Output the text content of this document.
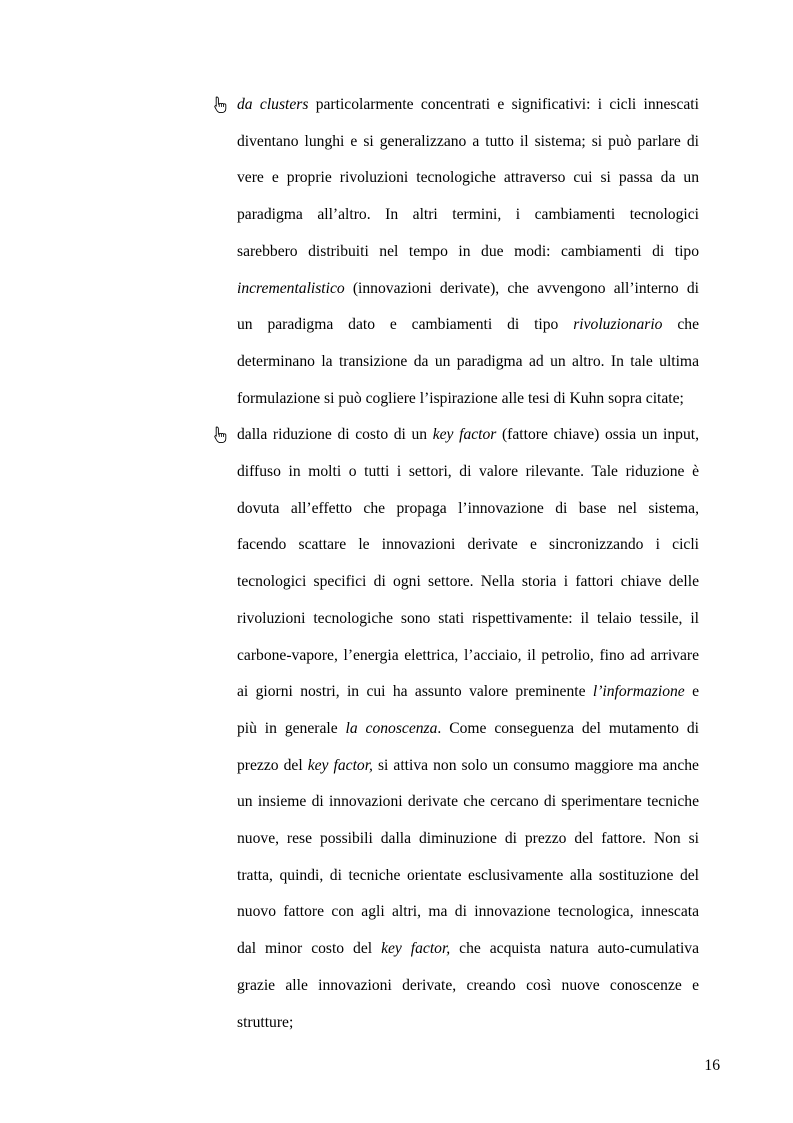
da clusters particolarmente concentrati e significativi: i cicli innescati
diventano lunghi e si generalizzano a tutto il sistema; si può parlare di
vere e proprie rivoluzioni tecnologiche attraverso cui si passa da un
paradigma all’altro. In altri termini, i cambiamenti tecnologici
sarebbero distribuiti nel tempo in due modi: cambiamenti di tipo
incrementalistico (innovazioni derivate), che avvengono all’interno di
un paradigma dato e cambiamenti di tipo rivoluzionario che
determinano la transizione da un paradigma ad un altro. In tale ultima
formulazione si può cogliere l’ispirazione alle tesi di Kuhn sopra citate;
dalla riduzione di costo di un key factor (fattore chiave) ossia un input,
diffuso in molti o tutti i settori, di valore rilevante. Tale riduzione è
dovuta all’effetto che propaga l’innovazione di base nel sistema,
facendo scattare le innovazioni derivate e sincronizzando i cicli
tecnologici specifici di ogni settore. Nella storia i fattori chiave delle
rivoluzioni tecnologiche sono stati rispettivamente: il telaio tessile, il
carbone-vapore, l’energia elettrica, l’acciaio, il petrolio, fino ad arrivare
ai giorni nostri, in cui ha assunto valore preminente l’informazione e
più in generale la conoscenza. Come conseguenza del mutamento di
prezzo del key factor, si attiva non solo un consumo maggiore ma anche
un insieme di innovazioni derivate che cercano di sperimentare tecniche
nuove, rese possibili dalla diminuzione di prezzo del fattore. Non si
tratta, quindi, di tecniche orientate esclusivamente alla sostituzione del
nuovo fattore con agli altri, ma di innovazione tecnologica, innescata
dal minor costo del key factor, che acquista natura auto-cumulativa
grazie alle innovazioni derivate, creando così nuove conoscenze e
strutture;
16
